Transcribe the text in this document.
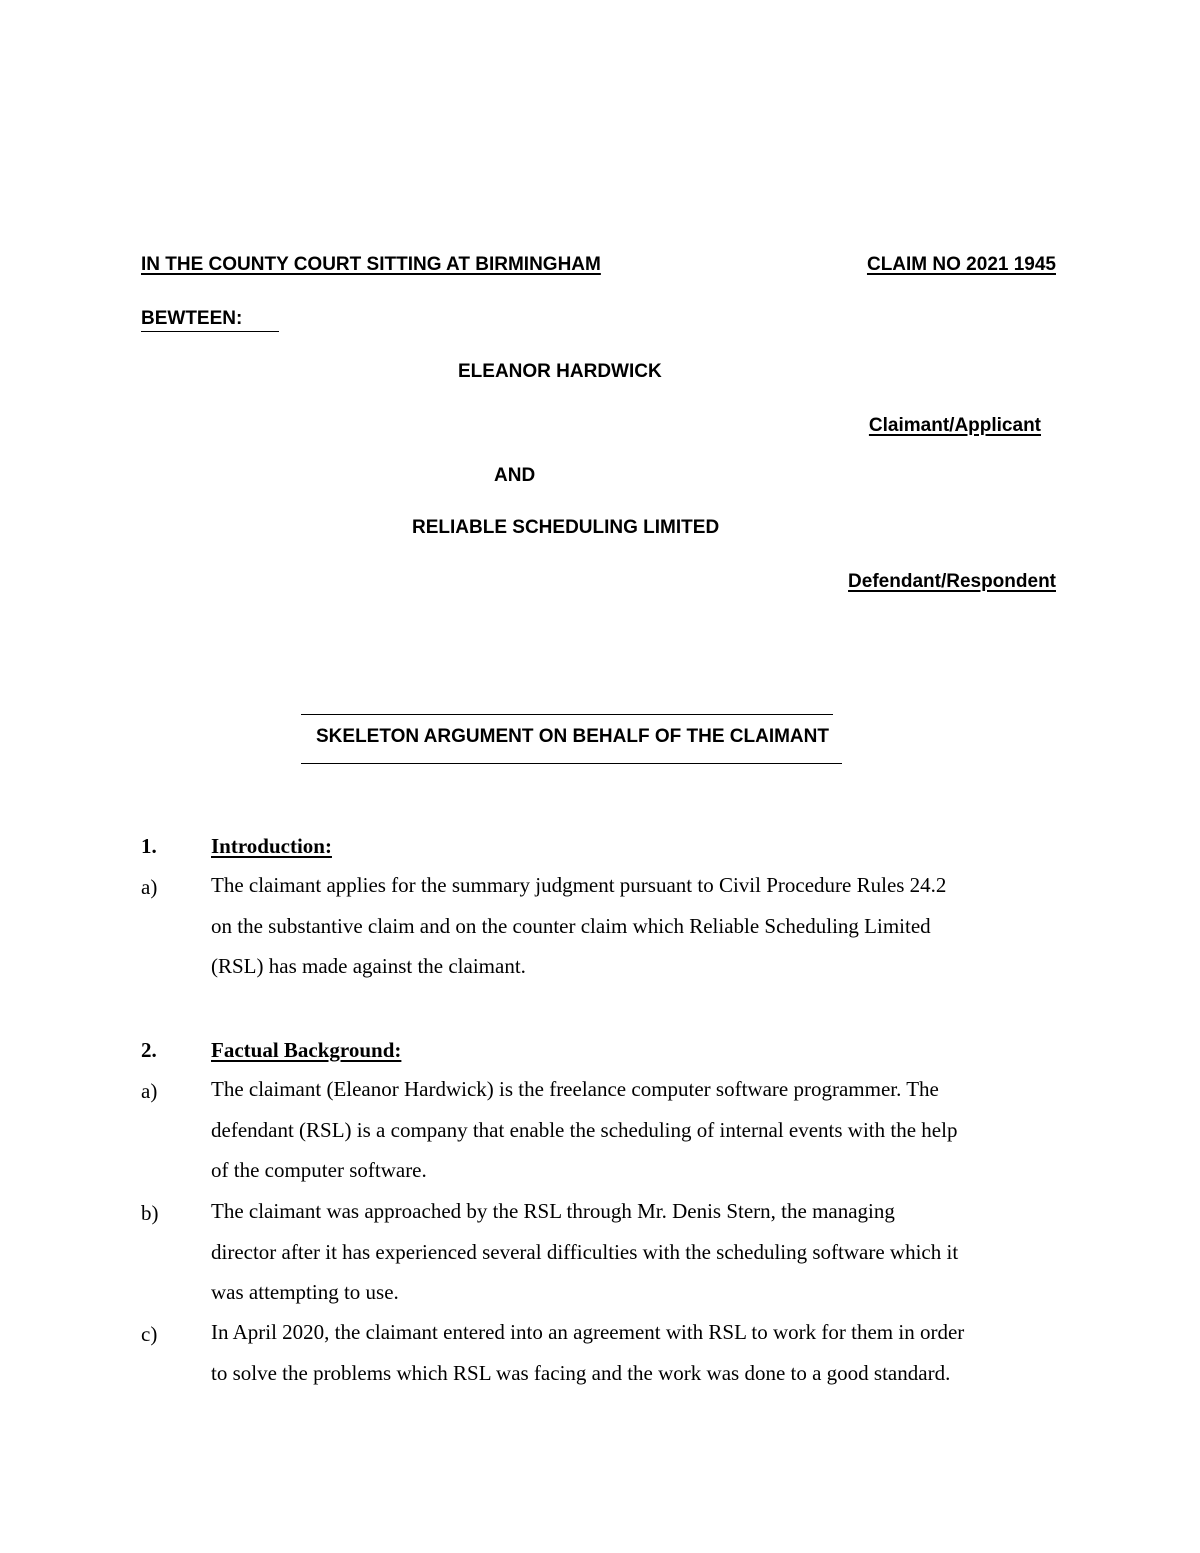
IN THE COUNTY COURT SITTING AT BIRMINGHAM	CLAIM NO 2021 1945
BEWTEEN:
ELEANOR HARDWICK
Claimant/Applicant
AND
RELIABLE SCHEDULING LIMITED
Defendant/Respondent
SKELETON ARGUMENT ON BEHALF OF THE CLAIMANT
1.	Introduction:
a)	The claimant applies for the summary judgment pursuant to Civil Procedure Rules 24.2
on the substantive claim and on the counter claim which Reliable Scheduling Limited
(RSL) has made against the claimant.
2.	Factual Background:
a)	The claimant (Eleanor Hardwick) is the freelance computer software programmer. The
defendant (RSL) is a company that enable the scheduling of internal events with the help
of the computer software.
b)	The claimant was approached by the RSL through Mr. Denis Stern, the managing
director after it has experienced several difficulties with the scheduling software which it
was attempting to use.
c)	In April 2020, the claimant entered into an agreement with RSL to work for them in order
to solve the problems which RSL was facing and the work was done to a good standard.
